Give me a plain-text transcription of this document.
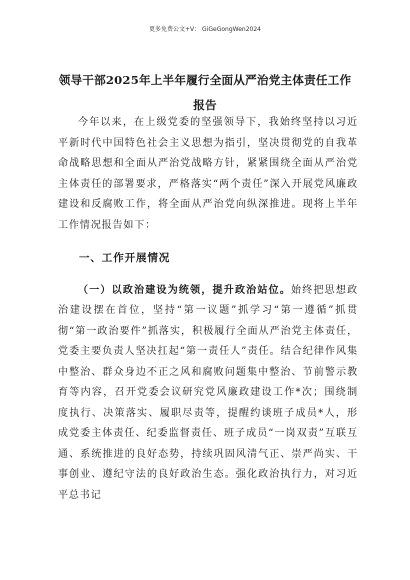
更多免费公文+V： GiGeGongWen2024
领导干部2025年上半年履行全面从严治党主体责任工作报告

今年以来，在上级党委的坚强领导下，我始终坚持以习近平新时代中国特色社会主义思想为指引，坚决贯彻党的自我革命战略思想和全面从严治党战略方针，紧紧围绕全面从严治党主体责任的部署要求，严格落实“两个责任”深入开展党风廉政建设和反腐败工作，将全面从严治党向纵深推进。现将上半年工作情况报告如下：

一、工作开展情况

（一）以政治建设为统领，提升政治站位。始终把思想政治建设摆在首位，坚持“第一议题”抓学习“第一遵循”抓贯彻“第一政治要件”抓落实，积极履行全面从严治党主体责任，党委主要负责人坚决扛起“第一责任人”责任。结合纪律作风集中整治、群众身边不正之风和腐败问题集中整治、节前警示教育等内容，召开党委会议研究党风廉政建设工作*次；围绕制度执行、决策落实、履职尽责等，提醒约谈班子成员*人，形成党委主体责任、纪委监督责任、班子成员“一岗双责”互联互通、系统推进的良好态势，持续巩固风清气正、崇严尚实、干事创业、遵纪守法的良好政治生态。强化政治执行力，对习近平总书记
